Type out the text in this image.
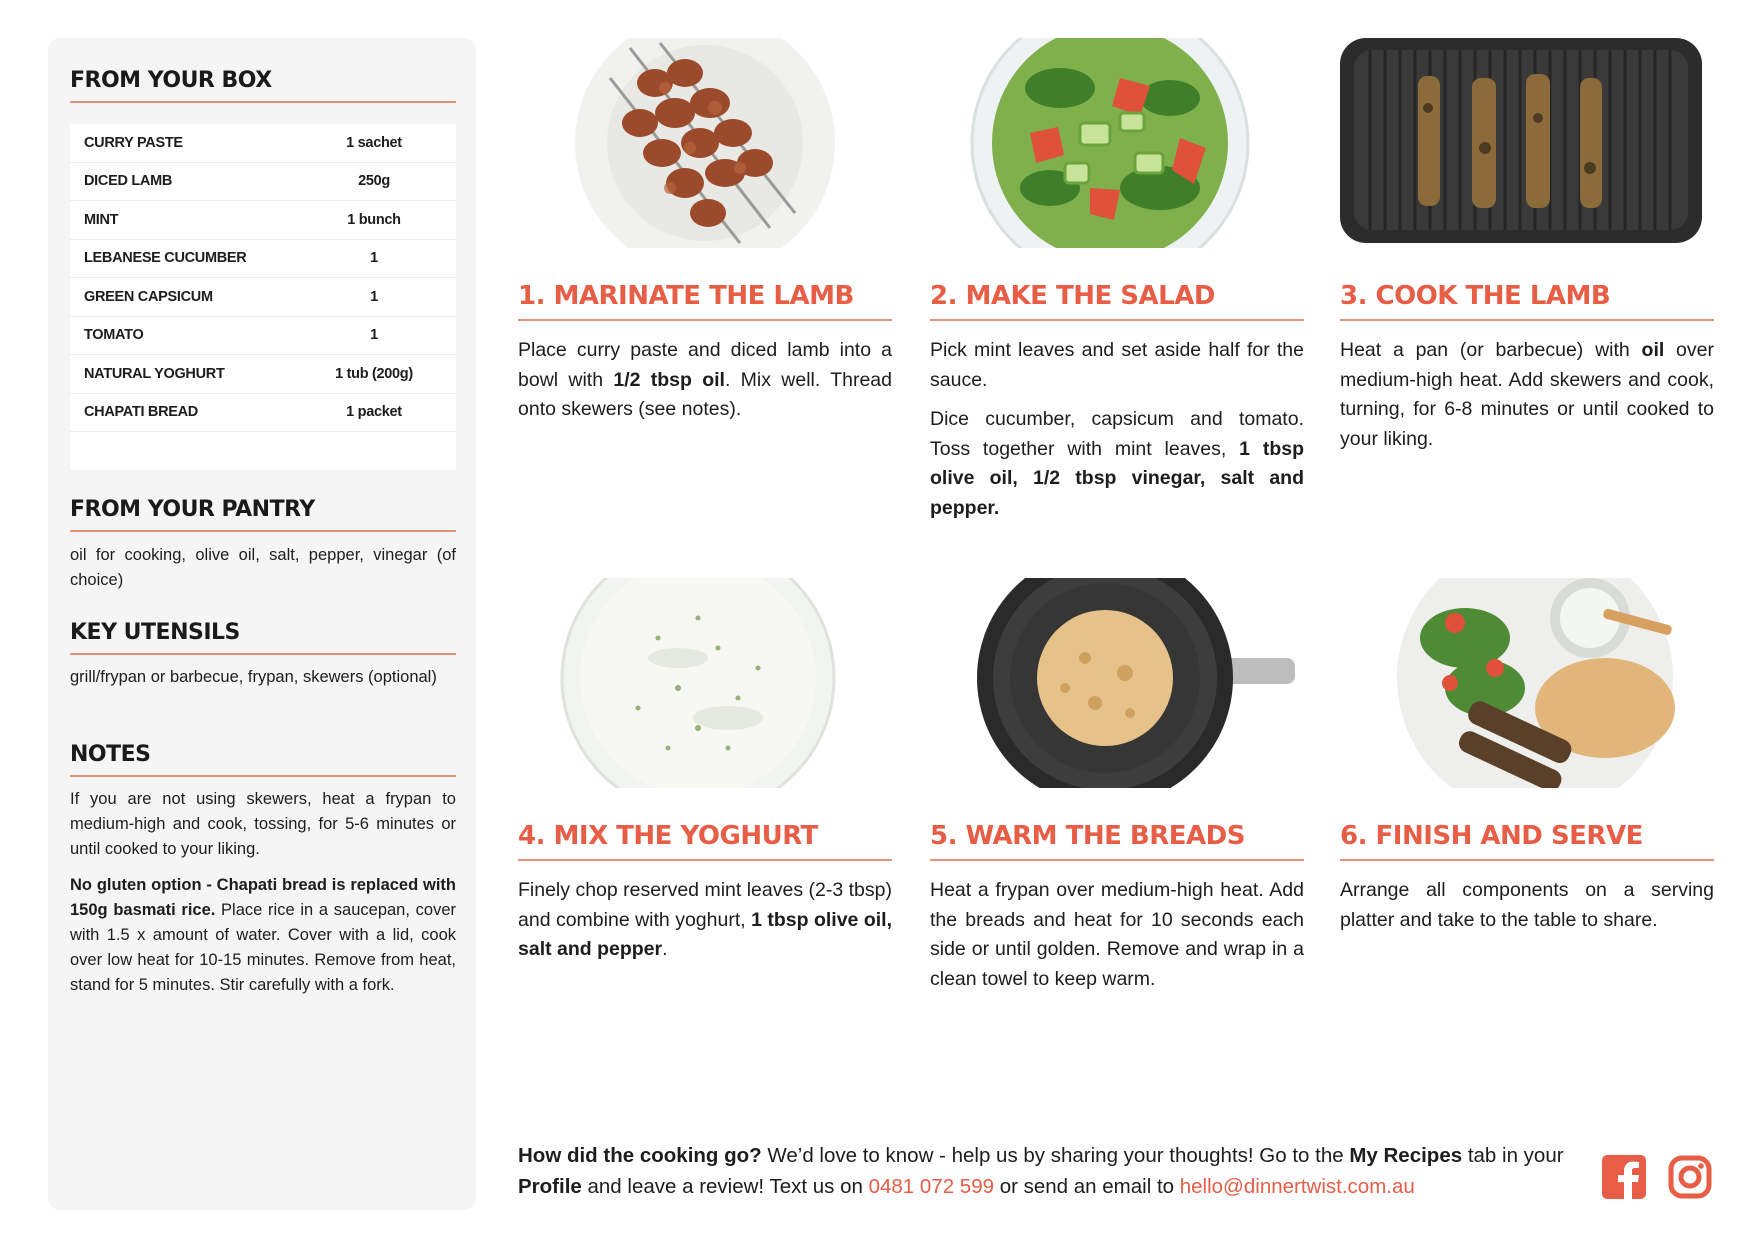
FROM YOUR BOX
CURRY PASTE	1 sachet
DICED LAMB	250g
MINT	1 bunch
LEBANESE CUCUMBER	1
GREEN CAPSICUM	1
TOMATO	1
NATURAL YOGHURT	1 tub (200g)
CHAPATI BREAD	1 packet
FROM YOUR PANTRY
oil for cooking, olive oil, salt, pepper, vinegar (of choice)
KEY UTENSILS
grill/frypan or barbecue, frypan, skewers (optional)
NOTES
If you are not using skewers, heat a frypan to medium-high and cook, tossing, for 5-6 minutes or until cooked to your liking.
No gluten option - Chapati bread is replaced with 150g basmati rice. Place rice in a saucepan, cover with 1.5 x amount of water. Cover with a lid, cook over low heat for 10-15 minutes. Remove from heat, stand for 5 minutes. Stir carefully with a fork.
1. MARINATE THE LAMB
Place curry paste and diced lamb into a bowl with 1/2 tbsp oil. Mix well. Thread onto skewers (see notes).
2. MAKE THE SALAD

Pick mint leaves and set aside half for the sauce.

Dice cucumber, capsicum and tomato. Toss together with mint leaves, 1 tbsp olive oil, 1/2 tbsp vinegar, salt and pepper.

3. COOK THE LAMB
Heat a pan (or barbecue) with oil over medium-high heat. Add skewers and cook, turning, for 6-8 minutes or until cooked to your liking.
4. MIX THE YOGHURT
Finely chop reserved mint leaves (2-3 tbsp) and combine with yoghurt, 1 tbsp olive oil, salt and pepper.
5. WARM THE BREADS
Heat a frypan over medium-high heat. Add the breads and heat for 10 seconds each side or until golden. Remove and wrap in a clean towel to keep warm.
6. FINISH AND SERVE
Arrange all components on a serving platter and take to the table to share.
How did the cooking go? We’d love to know - help us by sharing your thoughts! Go to the My Recipes tab in your Profile and leave a review! Text us on 0481 072 599 or send an email to hello@dinnertwist.com.au
